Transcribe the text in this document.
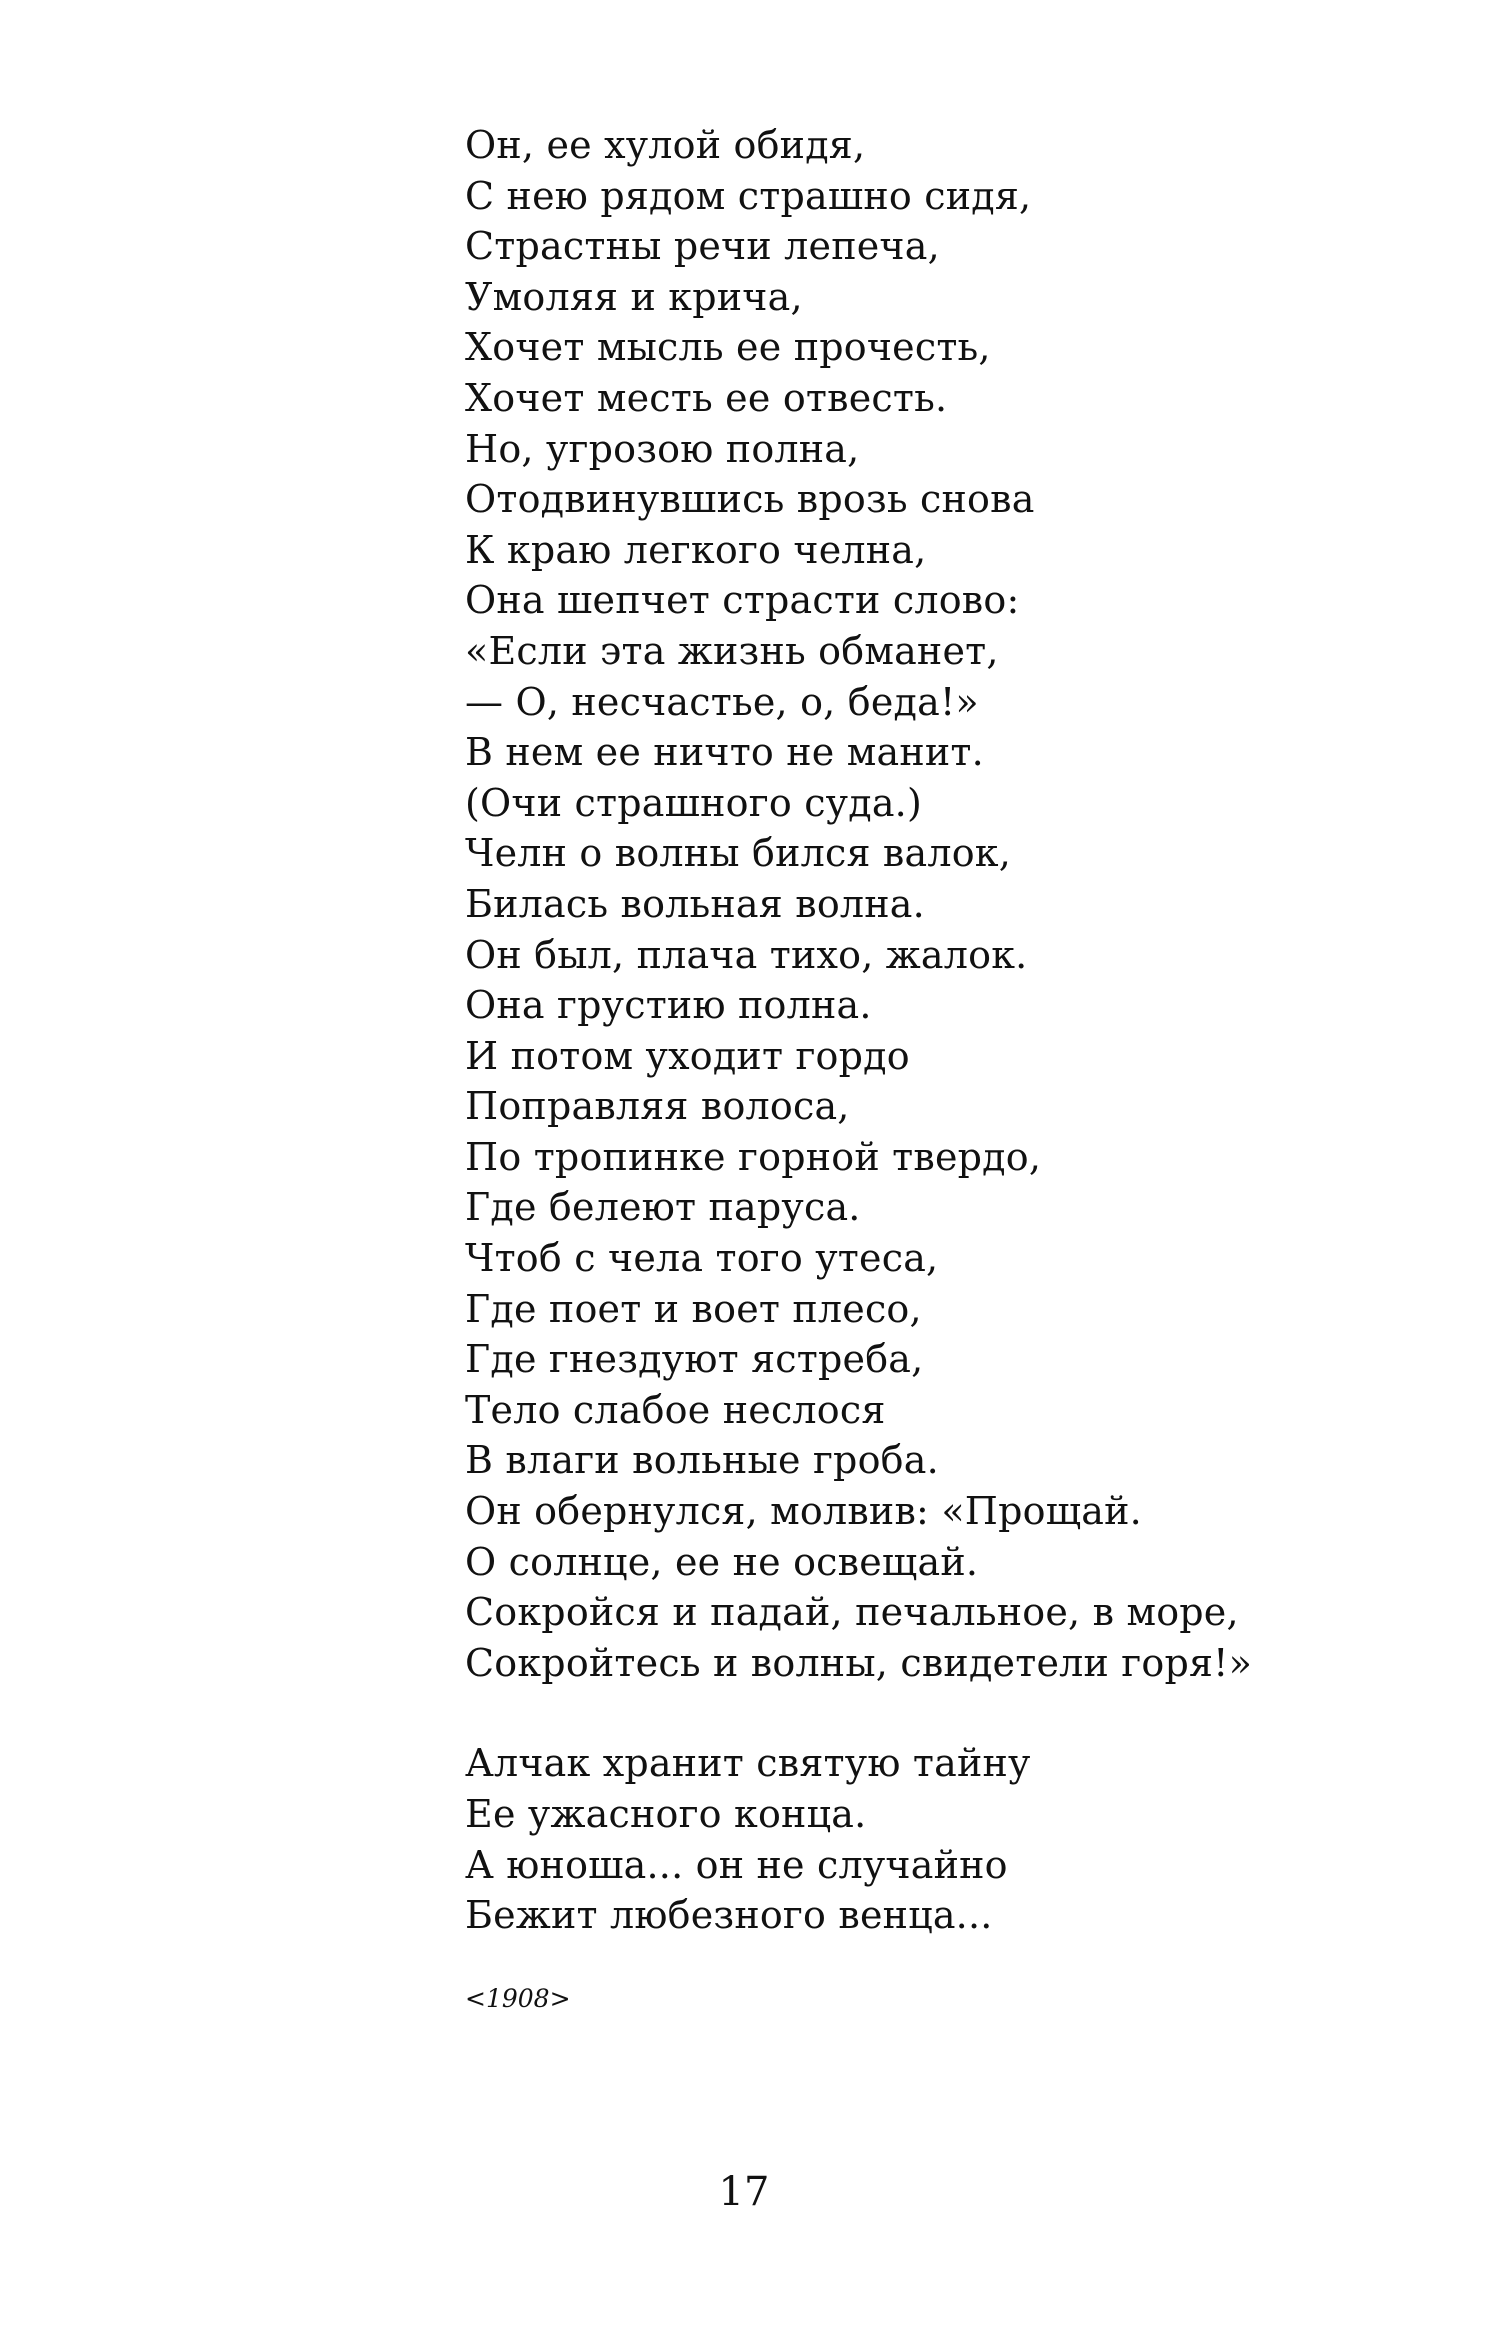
Он, ее хулой обидя,
С нею рядом страшно сидя,
Страстны речи лепеча,
Умоляя и крича,
Хочет мысль ее прочесть,
Хочет месть ее отвесть.
Но, угрозою полна,
Отодвинувшись врозь снова
К краю легкого челна,
Она шепчет страсти слово:
«Если эта жизнь обманет,
— О, несчастье, о, беда!»
В нем ее ничто не манит.
(Очи страшного суда.)
Челн о волны бился валок,
Билась вольная волна.
Он был, плача тихо, жалок.
Она грустию полна.
И потом уходит гордо
Поправляя волоса,
По тропинке горной твердо,
Где белеют паруса.
Чтоб с чела того утеса,
Где поет и воет плесо,
Где гнездуют ястреба,
Тело слабое неслося
В влаги вольные гроба.
Он обернулся, молвив: «Прощай.
О солнце, ее не освещай.
Сокройся и падай, печальное, в море,
Сокройтесь и волны, свидетели горя!»
Алчак хранит святую тайну
Ее ужасного конца.
А юноша... он не случайно
Бежит любезного венца...
<1908>
17
